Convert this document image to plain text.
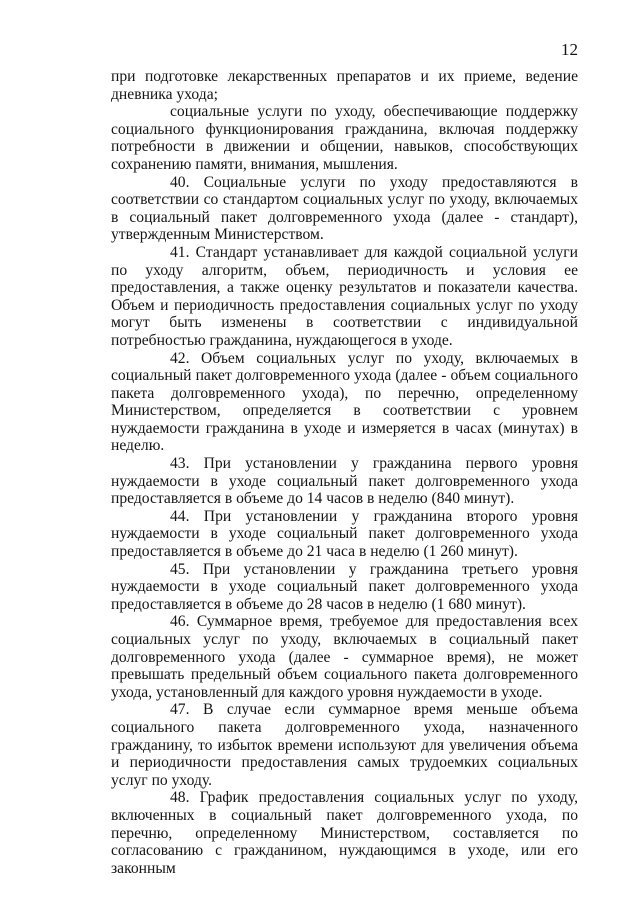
12

при подготовке лекарственных препаратов и их приеме, ведение дневника ухода;

социальные услуги по уходу, обеспечивающие поддержку социального функционирования гражданина, включая поддержку потребности в движении и общении, навыков, способствующих сохранению памяти, внимания, мышления.

40. Социальные услуги по уходу предоставляются в соответствии со стандартом социальных услуг по уходу, включаемых в социальный пакет долговременного ухода (далее - стандарт), утвержденным Министерством.

41. Стандарт устанавливает для каждой социальной услуги по уходу алгоритм, объем, периодичность и условия ее предоставления, а также оценку результатов и показатели качества. Объем и периодичность предоставления социальных услуг по уходу могут быть изменены в соответствии с индивидуальной потребностью гражданина, нуждающегося в уходе.

42. Объем социальных услуг по уходу, включаемых в социальный пакет долговременного ухода (далее - объем социального пакета долговременного ухода), по перечню, определенному Министерством, определяется в соответствии с уровнем нуждаемости гражданина в уходе и измеряется в часах (минутах) в неделю.

43. При установлении у гражданина первого уровня нуждаемости в уходе социальный пакет долговременного ухода предоставляется в объеме до 14 часов в неделю (840 минут).

44. При установлении у гражданина второго уровня нуждаемости в уходе социальный пакет долговременного ухода предоставляется в объеме до 21 часа в неделю (1 260 минут).

45. При установлении у гражданина третьего уровня нуждаемости в уходе социальный пакет долговременного ухода предоставляется в объеме до 28 часов в неделю (1 680 минут).

46. Суммарное время, требуемое для предоставления всех социальных услуг по уходу, включаемых в социальный пакет долговременного ухода (далее - суммарное время), не может превышать предельный объем социального пакета долговременного ухода, установленный для каждого уровня нуждаемости в уходе.

47. В случае если суммарное время меньше объема социального пакета долговременного ухода, назначенного гражданину, то избыток времени используют для увеличения объема и периодичности предоставления самых трудоемких социальных услуг по уходу.

48. График предоставления социальных услуг по уходу, включенных в социальный пакет долговременного ухода, по перечню, определенному Министерством, составляется по согласованию с гражданином, нуждающимся в уходе, или его законным
